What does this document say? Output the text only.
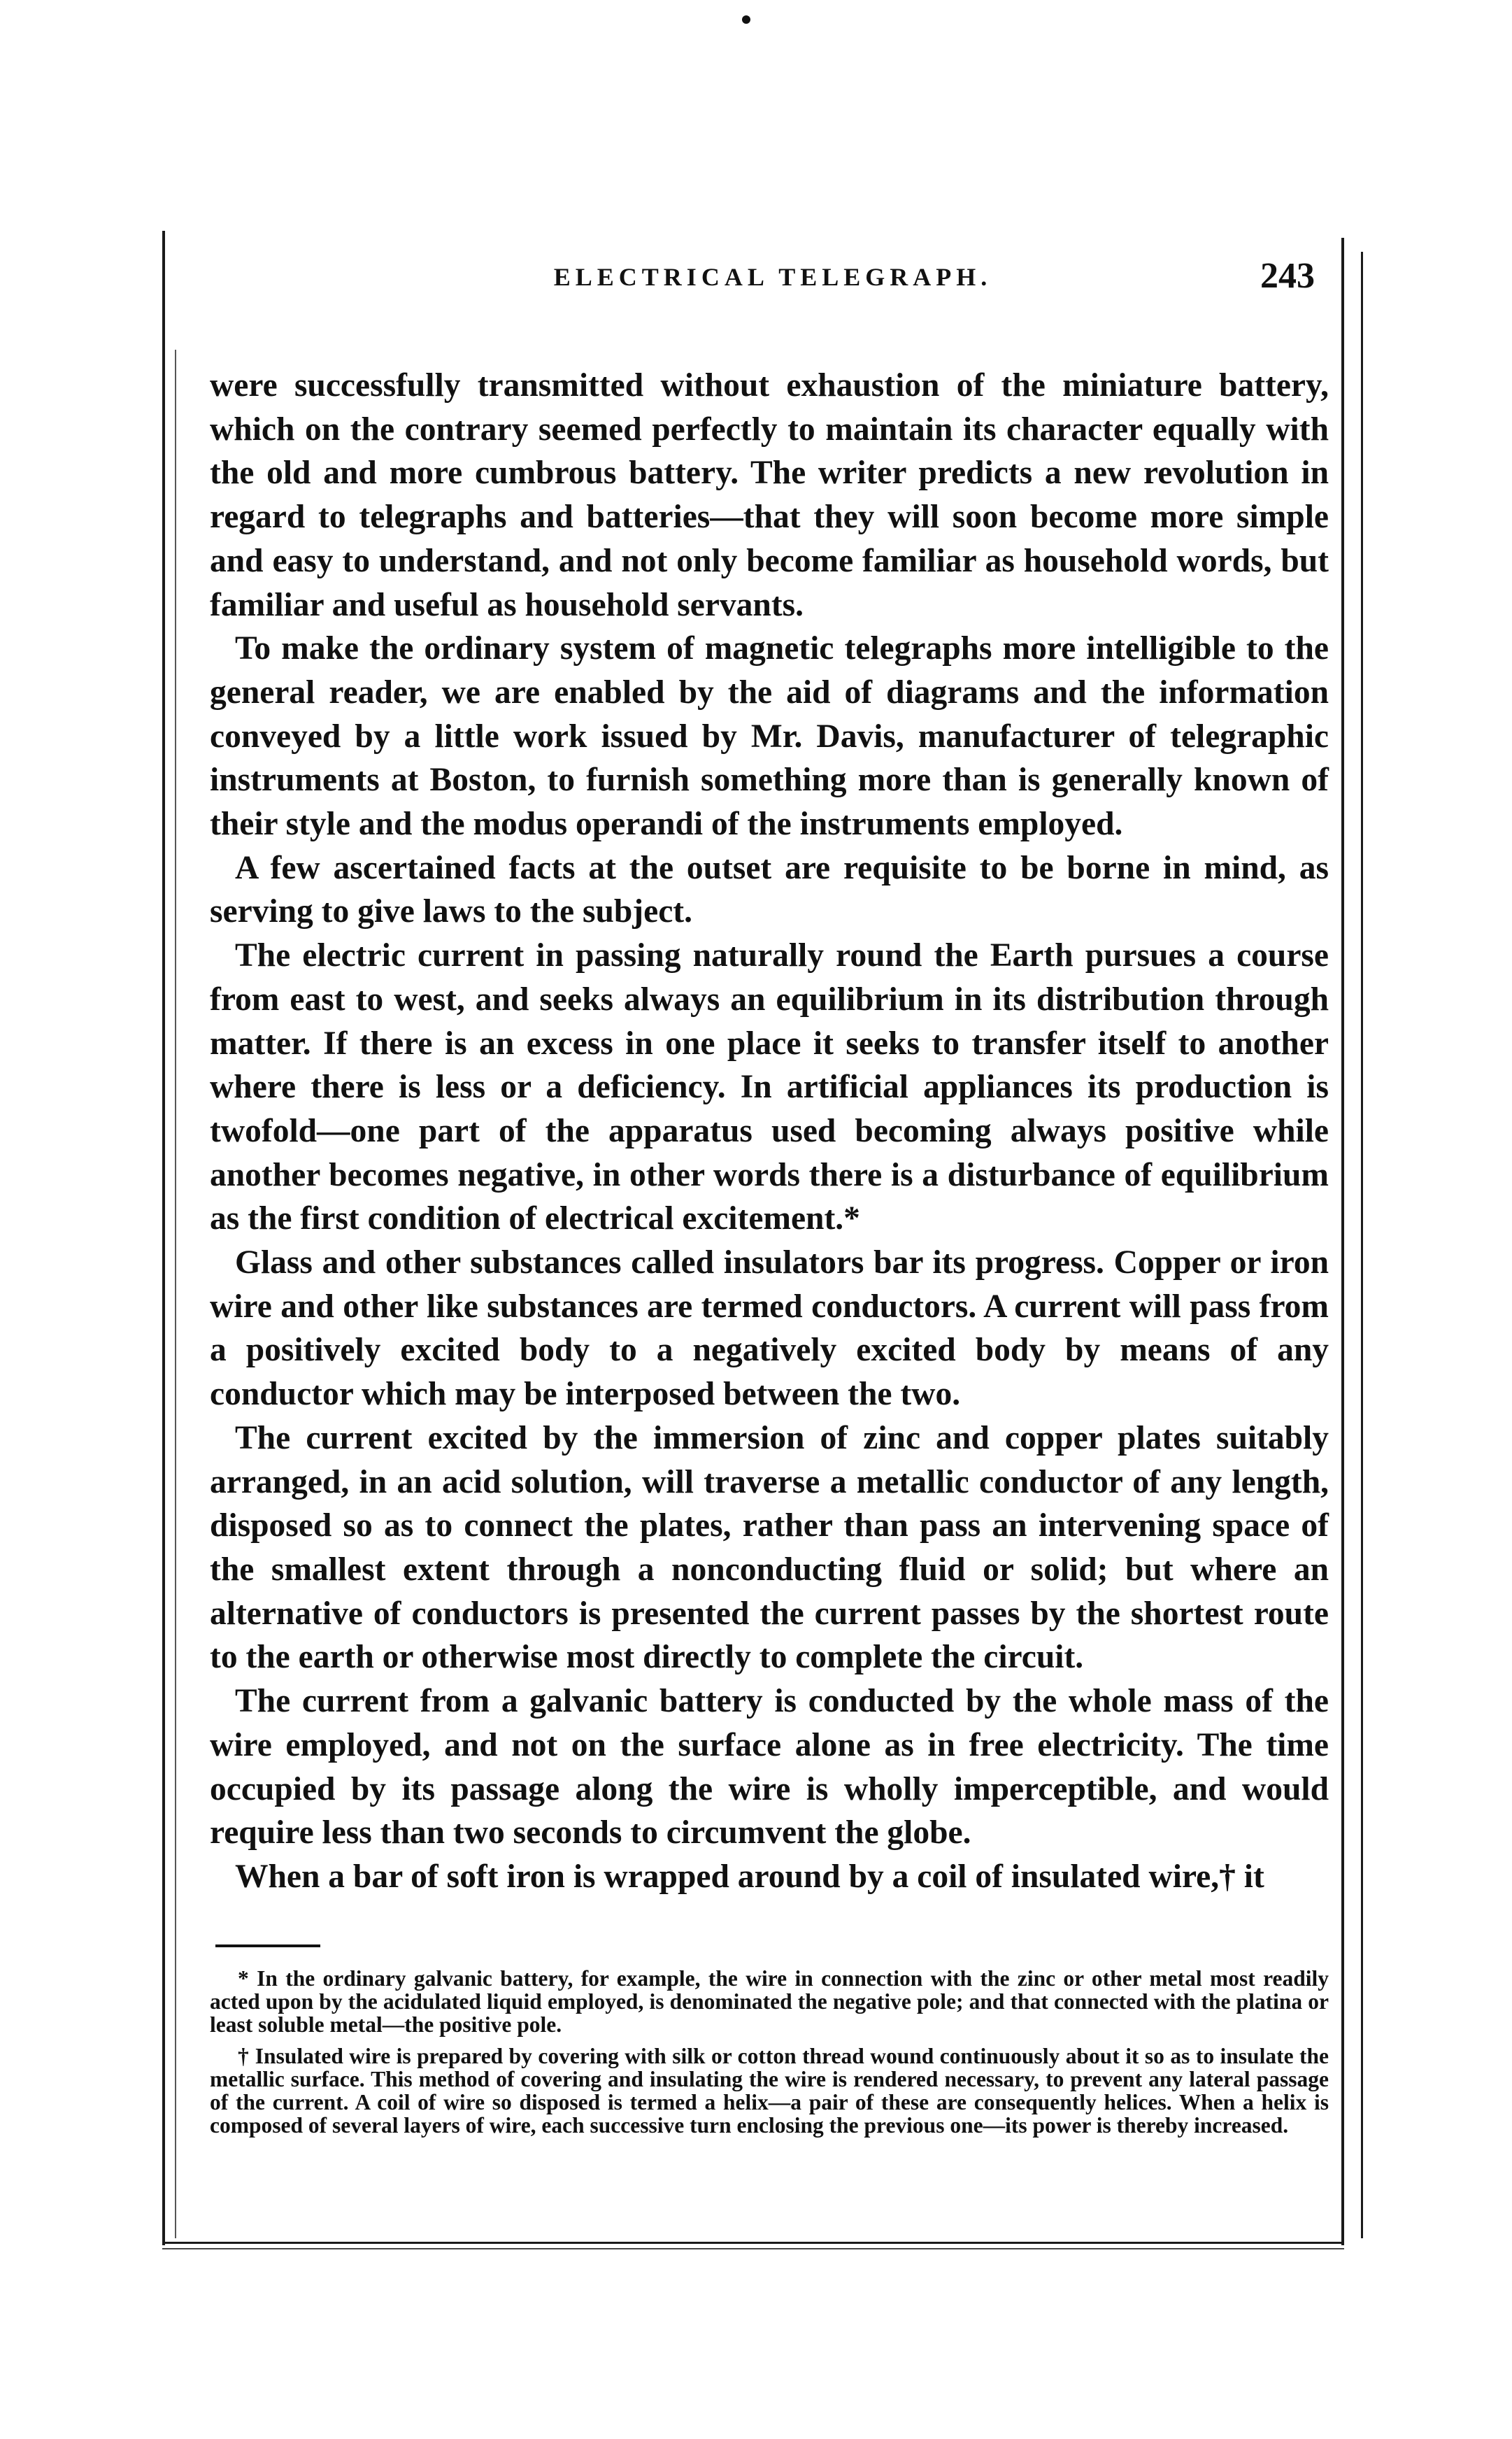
ELECTRICAL TELEGRAPH.	243

were successfully transmitted without exhaustion of the miniature battery, which on the contrary seemed perfectly to maintain its character equally with the old and more cumbrous battery. The writer predicts a new revolution in regard to telegraphs and batteries—that they will soon become more simple and easy to understand, and not only become familiar as household words, but familiar and useful as household servants.

To make the ordinary system of magnetic telegraphs more intelligible to the general reader, we are enabled by the aid of diagrams and the information conveyed by a little work issued by Mr. Davis, manufacturer of telegraphic instruments at Boston, to furnish something more than is generally known of their style and the modus operandi of the instruments employed.

A few ascertained facts at the outset are requisite to be borne in mind, as serving to give laws to the subject.

The electric current in passing naturally round the Earth pursues a course from east to west, and seeks always an equilibrium in its distribution through matter. If there is an excess in one place it seeks to transfer itself to another where there is less or a deficiency. In artificial appliances its production is twofold—one part of the apparatus used becoming always positive while another becomes negative, in other words there is a disturbance of equilibrium as the first condition of electrical excitement.*

Glass and other substances called insulators bar its progress. Copper or iron wire and other like substances are termed conductors. A current will pass from a positively excited body to a negatively excited body by means of any conductor which may be interposed between the two.

The current excited by the immersion of zinc and copper plates suitably arranged, in an acid solution, will traverse a metallic conductor of any length, disposed so as to connect the plates, rather than pass an intervening space of the smallest extent through a nonconducting fluid or solid; but where an alternative of conductors is presented the current passes by the shortest route to the earth or otherwise most directly to complete the circuit.

The current from a galvanic battery is conducted by the whole mass of the wire employed, and not on the surface alone as in free electricity. The time occupied by its passage along the wire is wholly imperceptible, and would require less than two seconds to circumvent the globe.

When a bar of soft iron is wrapped around by a coil of insulated wire,† it

* In the ordinary galvanic battery, for example, the wire in connection with the zinc or other metal most readily acted upon by the acidulated liquid employed, is denominated the negative pole; and that connected with the platina or least soluble metal—the positive pole.

† Insulated wire is prepared by covering with silk or cotton thread wound continuously about it so as to insulate the metallic surface. This method of covering and insulating the wire is rendered necessary, to prevent any lateral passage of the current. A coil of wire so disposed is termed a helix—a pair of these are consequently helices. When a helix is composed of several layers of wire, each successive turn enclosing the previous one—its power is thereby increased.
